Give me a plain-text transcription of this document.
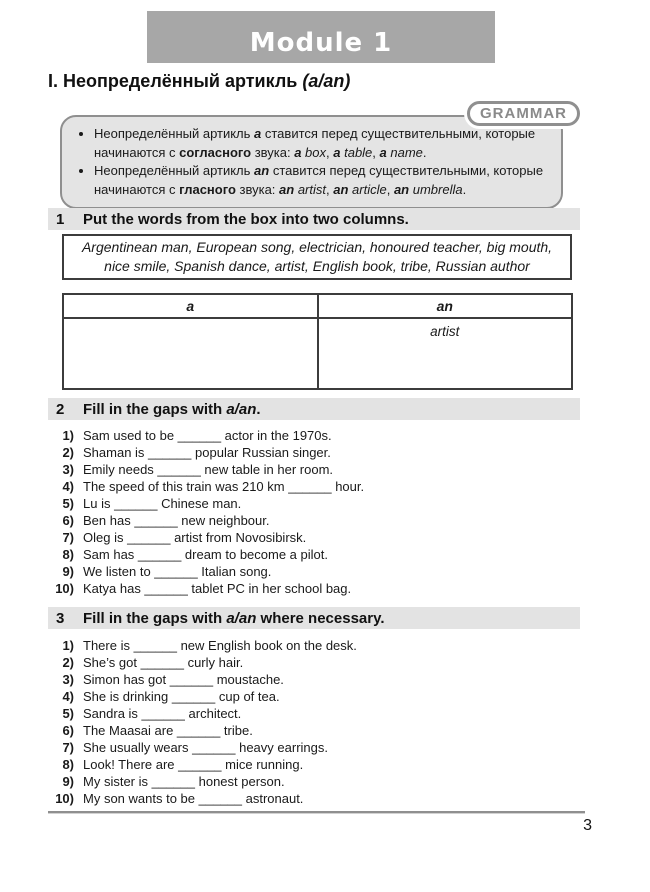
Module 1
I. Неопределённый артикль (a/an)
GRAMMAR
• Неопределённый артикль a ставится перед существительными, которые начинаются с согласного звука: a box, a table, a name.
• Неопределённый артикль an ставится перед существительными, которые начинаются с гласного звука: an artist, an article, an umbrella.
1	Put the words from the box into two columns.
Argentinean man, European song, electrician, honoured teacher, big mouth,
nice smile, Spanish dance, artist, English book, tribe, Russian author
a	an
	artist
2	Fill in the gaps with a/an.
1) Sam used to be ______ actor in the 1970s.
2) Shaman is ______ popular Russian singer.
3) Emily needs ______ new table in her room.
4) The speed of this train was 210 km ______ hour.
5) Lu is ______ Chinese man.
6) Ben has ______ new neighbour.
7) Oleg is ______ artist from Novosibirsk.
8) Sam has ______ dream to become a pilot.
9) We listen to ______ Italian song.
10) Katya has ______ tablet PC in her school bag.
3	Fill in the gaps with a/an where necessary.
1) There is ______ new English book on the desk.
2) She’s got ______ curly hair.
3) Simon has got ______ moustache.
4) She is drinking ______ cup of tea.
5) Sandra is ______ architect.
6) The Maasai are ______ tribe.
7) She usually wears ______ heavy earrings.
8) Look! There are ______ mice running.
9) My sister is ______ honest person.
10) My son wants to be ______ astronaut.
3
